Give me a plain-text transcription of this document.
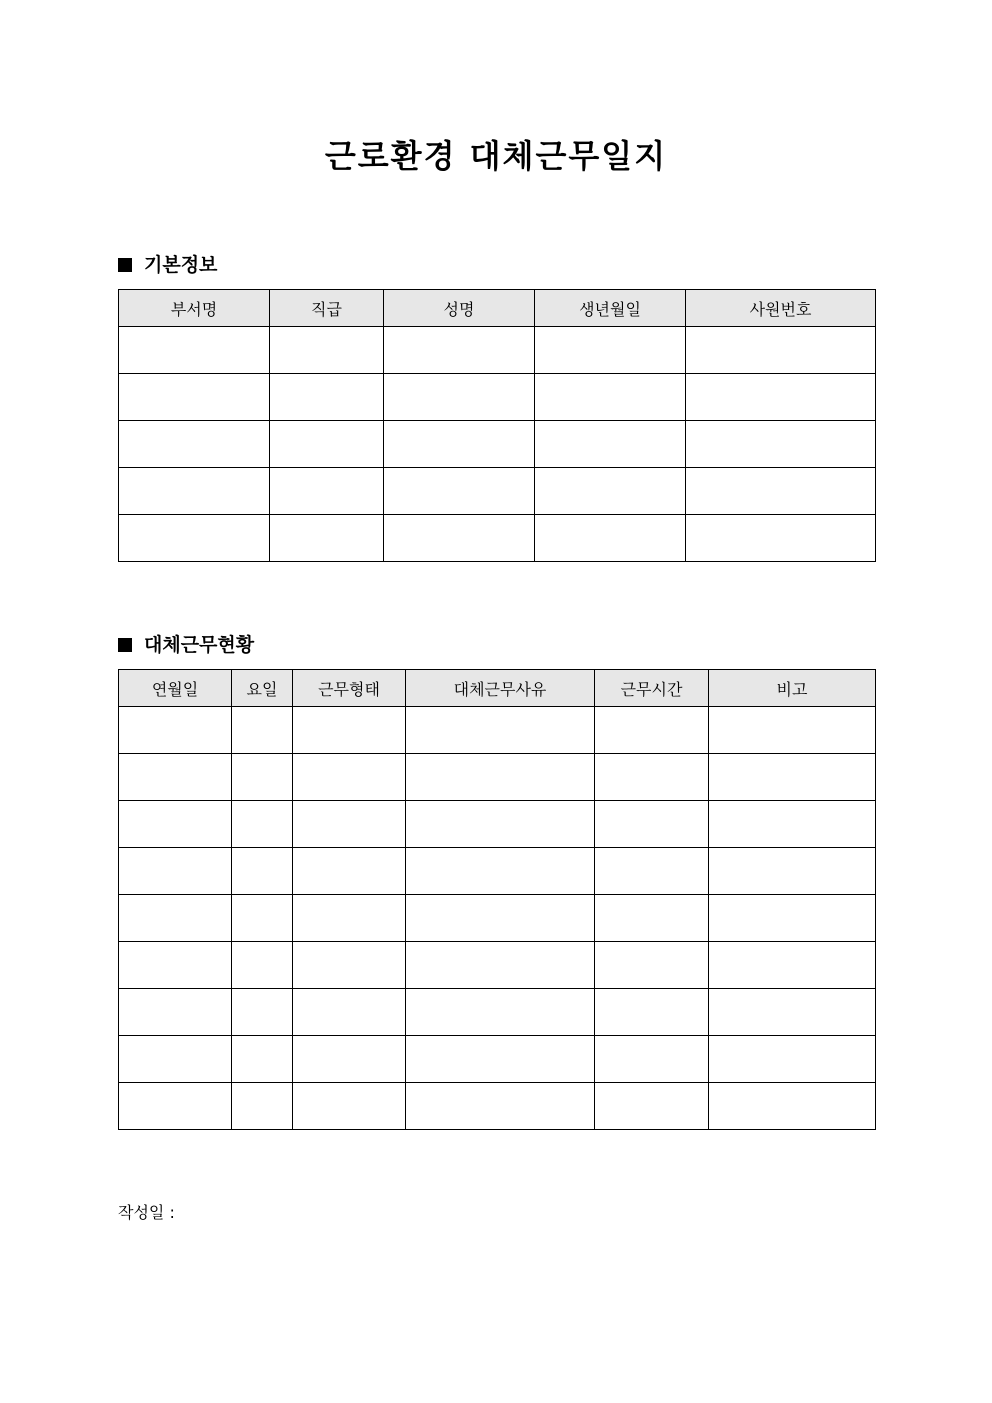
근로환경 대체근무일지
기본정보
부서명	직급	성명	생년월일	사원번호

대체근무현황
연월일	요일	근무형태	대체근무사유	근무시간	비고

작성일 :
